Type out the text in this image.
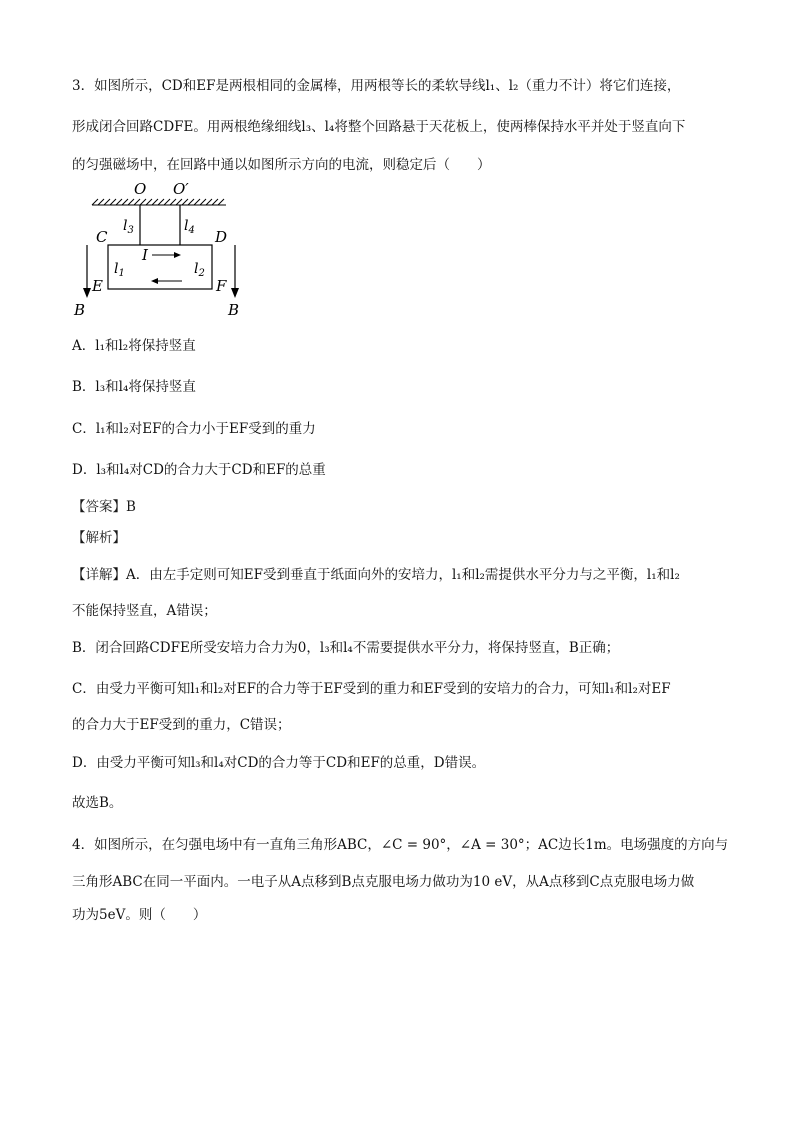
3．如图所示，CD和EF是两根相同的金属棒，用两根等长的柔软导线l₁、l₂（重力不计）将它们连接，
形成闭合回路CDFE。用两根绝缘细线l₃、l₄将整个回路悬于天花板上，使两棒保持水平并处于竖直向下
的匀强磁场中，在回路中通以如图所示方向的电流，则稳定后（　　）
O O′
$l_3$	$l_4$
C	D
E	F
I
$l_1$	$l_2$
B	B
A．l₁和l₂将保持竖直
B．l₃和l₄将保持竖直
C．l₁和l₂对EF的合力小于EF受到的重力
D．l₃和l₄对CD的合力大于CD和EF的总重
【答案】B
【解析】
【详解】A．由左手定则可知EF受到垂直于纸面向外的安培力，l₁和l₂需提供水平分力与之平衡，l₁和l₂
不能保持竖直，A错误；
B．闭合回路CDFE所受安培力合力为0，l₃和l₄不需要提供水平分力，将保持竖直，B正确；
C．由受力平衡可知l₁和l₂对EF的合力等于EF受到的重力和EF受到的安培力的合力，可知l₁和l₂对EF
的合力大于EF受到的重力，C错误；
D．由受力平衡可知l₃和l₄对CD的合力等于CD和EF的总重，D错误。
故选B。
4．如图所示，在匀强电场中有一直角三角形ABC，∠C = 90°，∠A = 30°；AC边长1m。电场强度的方向与
三角形ABC在同一平面内。一电子从A点移到B点克服电场力做功为10 eV，从A点移到C点克服电场力做
功为5eV。则（　　）
